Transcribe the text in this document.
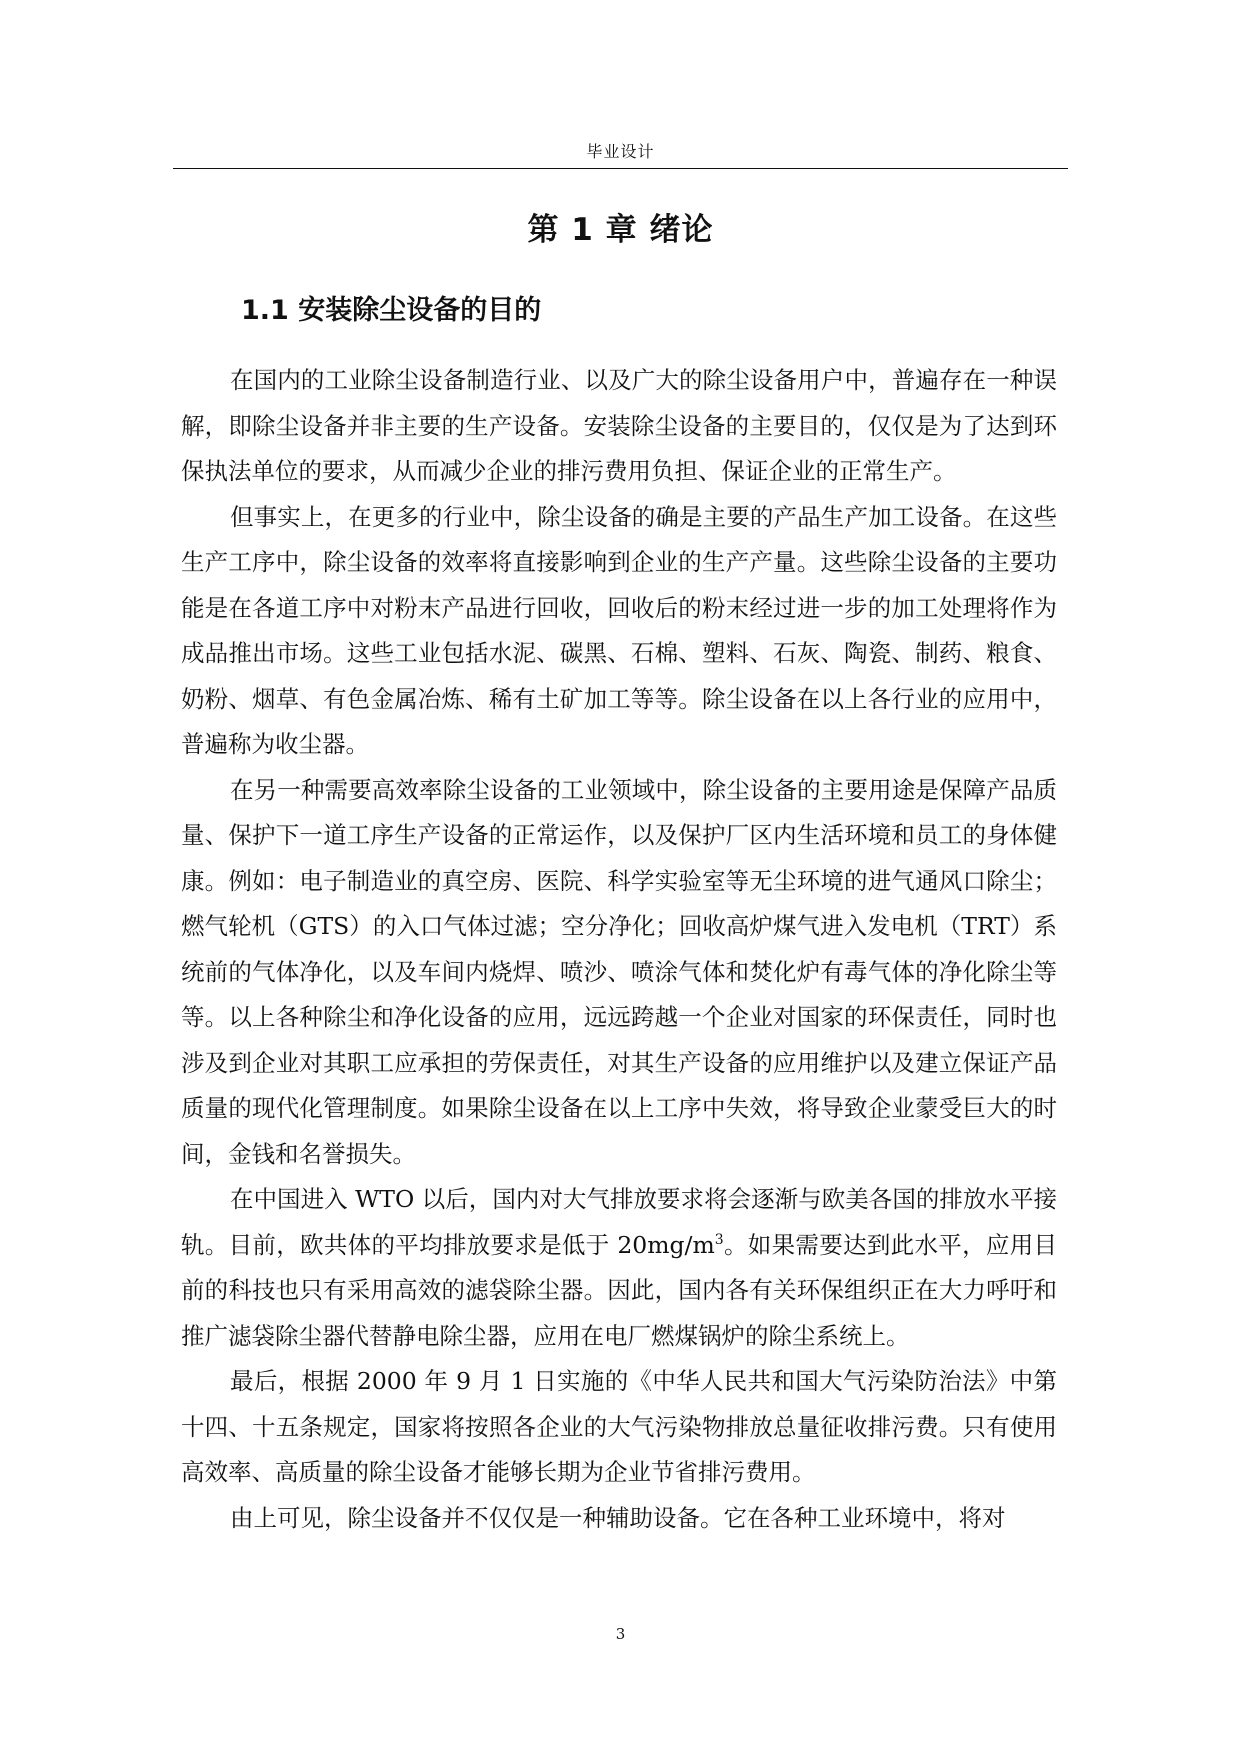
毕业设计
第 1 章 绪论
1.1 安装除尘设备的目的

在国内的工业除尘设备制造行业、以及广大的除尘设备用户中，普遍存在一种误解，即除尘设备并非主要的生产设备。安装除尘设备的主要目的，仅仅是为了达到环保执法单位的要求，从而减少企业的排污费用负担、保证企业的正常生产。

但事实上，在更多的行业中，除尘设备的确是主要的产品生产加工设备。在这些生产工序中，除尘设备的效率将直接影响到企业的生产产量。这些除尘设备的主要功能是在各道工序中对粉末产品进行回收，回收后的粉末经过进一步的加工处理将作为成品推出市场。这些工业包括水泥、碳黑、石棉、塑料、石灰、陶瓷、制药、粮食、奶粉、烟草、有色金属冶炼、稀有土矿加工等等。除尘设备在以上各行业的应用中，普遍称为收尘器。

在另一种需要高效率除尘设备的工业领域中，除尘设备的主要用途是保障产品质量、保护下一道工序生产设备的正常运作，以及保护厂区内生活环境和员工的身体健康。例如：电子制造业的真空房、医院、科学实验室等无尘环境的进气通风口除尘；燃气轮机（GTS）的入口气体过滤；空分净化；回收高炉煤气进入发电机（TRT）系统前的气体净化，以及车间内烧焊、喷沙、喷涂气体和焚化炉有毒气体的净化除尘等等。以上各种除尘和净化设备的应用，远远跨越一个企业对国家的环保责任，同时也涉及到企业对其职工应承担的劳保责任，对其生产设备的应用维护以及建立保证产品质量的现代化管理制度。如果除尘设备在以上工序中失效，将导致企业蒙受巨大的时间，金钱和名誉损失。

在中国进入 WTO 以后，国内对大气排放要求将会逐渐与欧美各国的排放水平接轨。目前，欧共体的平均排放要求是低于 $20mg/m^3$。如果需要达到此水平，应用目前的科技也只有采用高效的滤袋除尘器。因此，国内各有关环保组织正在大力呼吁和推广滤袋除尘器代替静电除尘器，应用在电厂燃煤锅炉的除尘系统上。

最后，根据 2000 年 9 月 1 日实施的《中华人民共和国大气污染防治法》中第十四、十五条规定，国家将按照各企业的大气污染物排放总量征收排污费。只有使用高效率、高质量的除尘设备才能够长期为企业节省排污费用。

由上可见，除尘设备并不仅仅是一种辅助设备。它在各种工业环境中，将对

3
